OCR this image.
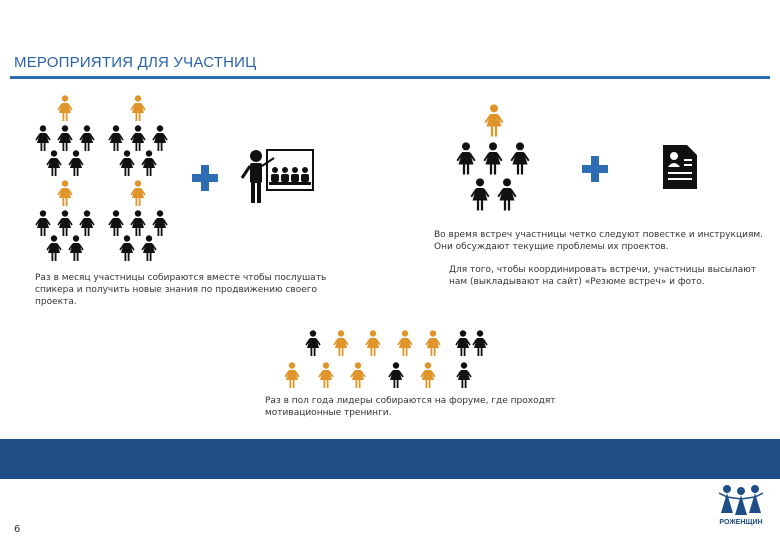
МЕРОПРИЯТИЯ ДЛЯ УЧАСТНИЦ
Во время встреч участницы четко следуют повестке и инструкциям. Они обсуждают текущие проблемы их проектов.
Для того, чтобы координировать встречи, участницы высылают нам (выкладывают на сайт) «Резюме встреч» и фото.
Раз в месяц участницы собираются вместе чтобы послушать спикера и получить новые знания по продвижению своего проекта.
Раз в пол года лидеры собираются на форуме, где проходят мотивационные тренинги.
6
РОЖЕНЩИН
